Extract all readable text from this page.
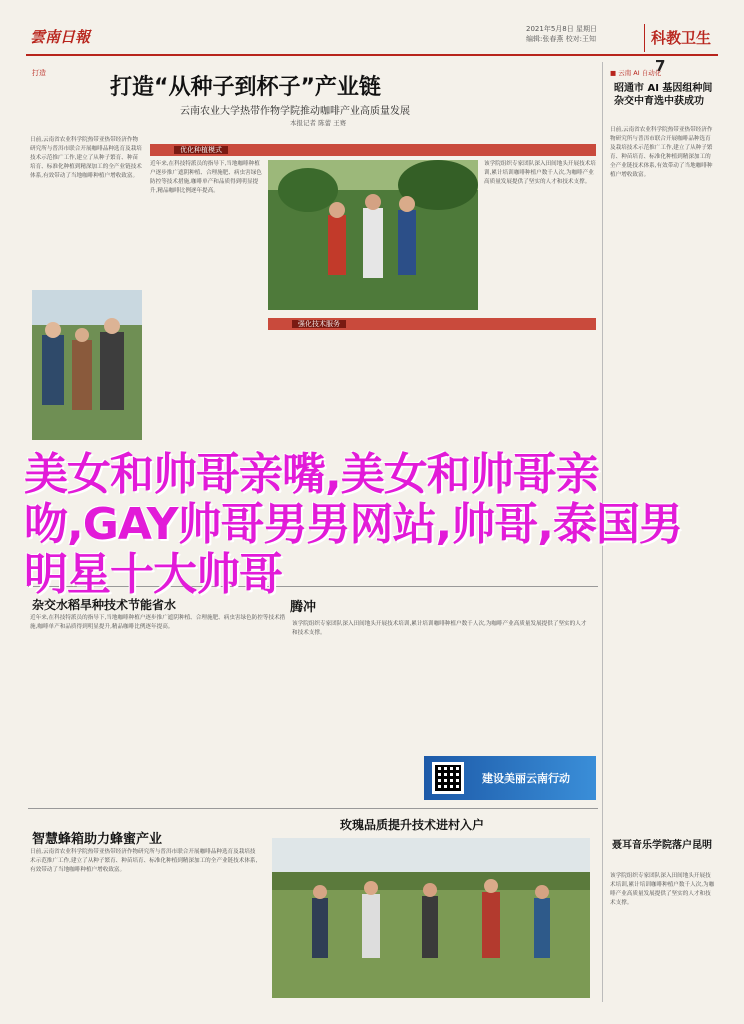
雲南日報	2021年5月8日 星期日
编辑:张春燕 校对:王知	科教卫生7
打造
打造“从种子到杯子”产业链
云南农业大学热带作物学院推动咖啡产业高质量发展
本报记者 陈蕾 王赛
日前,云南省农业科学院热带亚热带经济作物研究所与普洱市联合开展咖啡品种选育及栽培技术示范推广工作,建立了从种子繁育、种苗培育、标准化种植到精深加工的全产业链技术体系,有效带动了当地咖啡种植户增收致富。
优化种植模式
近年来,在科技特派员的指导下,当地咖啡种植户逐步推广遮阴种植、合理施肥、病虫害绿色防控等技术措施,咖啡单产和品质得到明显提升,精品咖啡比例逐年提高。
该学院组织专家团队深入田间地头开展技术培训,累计培训咖啡种植户数千人次,为咖啡产业高质量发展提供了坚实的人才和技术支撑。
强化技术服务
■ 云南 AI 自动化
昭通市 AI 基因组种间杂交中育选中获成功
日前,云南省农业科学院热带亚热带经济作物研究所与普洱市联合开展咖啡品种选育及栽培技术示范推广工作,建立了从种子繁育、种苗培育、标准化种植到精深加工的全产业链技术体系,有效带动了当地咖啡种植户增收致富。
美女和帅哥亲嘴,美女和帅哥亲吻,GAY帅哥男男网站,帅哥,泰国男明星十大帅哥
杂交水稻旱种技术节能省水
近年来,在科技特派员的指导下,当地咖啡种植户逐步推广遮阴种植、合理施肥、病虫害绿色防控等技术措施,咖啡单产和品质得到明显提升,精品咖啡比例逐年提高。
腾冲
该学院组织专家团队深入田间地头开展技术培训,累计培训咖啡种植户数千人次,为咖啡产业高质量发展提供了坚实的人才和技术支撑。
建设美丽云南行动
智慧蜂箱助力蜂蜜产业
日前,云南省农业科学院热带亚热带经济作物研究所与普洱市联合开展咖啡品种选育及栽培技术示范推广工作,建立了从种子繁育、种苗培育、标准化种植到精深加工的全产业链技术体系,有效带动了当地咖啡种植户增收致富。
玫瑰品质提升技术进村入户
聂耳音乐学院落户昆明
该学院组织专家团队深入田间地头开展技术培训,累计培训咖啡种植户数千人次,为咖啡产业高质量发展提供了坚实的人才和技术支撑。
